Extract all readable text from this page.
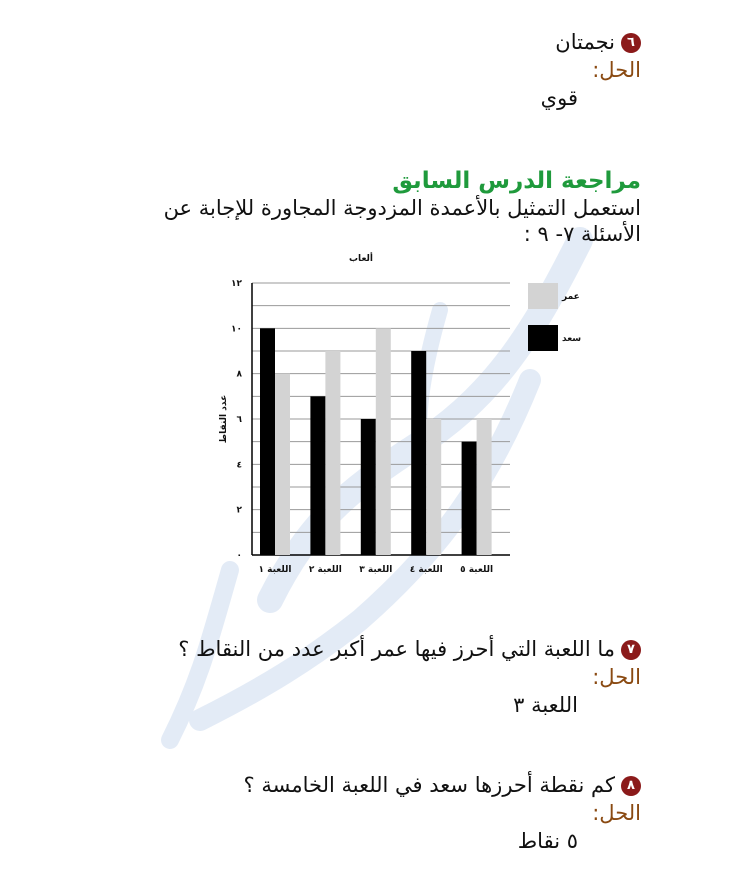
٦نجمتان
الحل:
قوي
مراجعة الدرس السابق
استعمل التمثيل بالأعمدة المزدوجة المجاورة للإجابة عن
الأسئلة ٧- ٩ :
ألعاب
٠
٢
٤
٦
٨
١٠
١٢
عدد النقاط
اللعبة ١ اللعبة ٢ اللعبة ٣ اللعبة ٤ اللعبة ٥
عمر
سعد
٧ما اللعبة التي أحرز فيها عمر أكبر عدد من النقاط ؟
الحل:
اللعبة ٣
٨كم نقطة أحرزها سعد في اللعبة الخامسة ؟
الحل:
٥ نقاط
